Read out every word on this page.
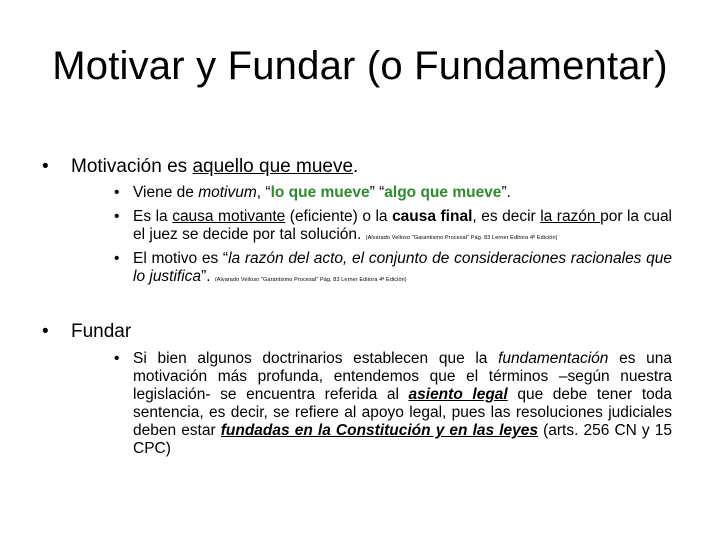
Motivar y Fundar (o Fundamentar)
• Motivación es aquello que mueve.
• Viene de motivum, “lo que mueve” “algo que mueve”.
• Es la causa motivante (eficiente) o la causa final, es decir la razón por la cual el juez se decide por tal solución. (Alvarado Velloso "Garantismo Procesal" Pág. 83 Lerner Editora 4ª Edición)
• El motivo es “la razón del acto, el conjunto de consideraciones racionales que lo justifica”. (Alvarado Velloso "Garantismo Procesal" Pág. 83 Lerner Editora 4ª Edición)
• Fundar
• Si bien algunos doctrinarios establecen que la fundamentación es una motivación más profunda, entendemos que el términos –según nuestra legislación- se encuentra referida al asiento legal que debe tener toda sentencia, es decir, se refiere al apoyo legal, pues las resoluciones judiciales deben estar fundadas en la Constitución y en las leyes (arts. 256 CN y 15 CPC)
